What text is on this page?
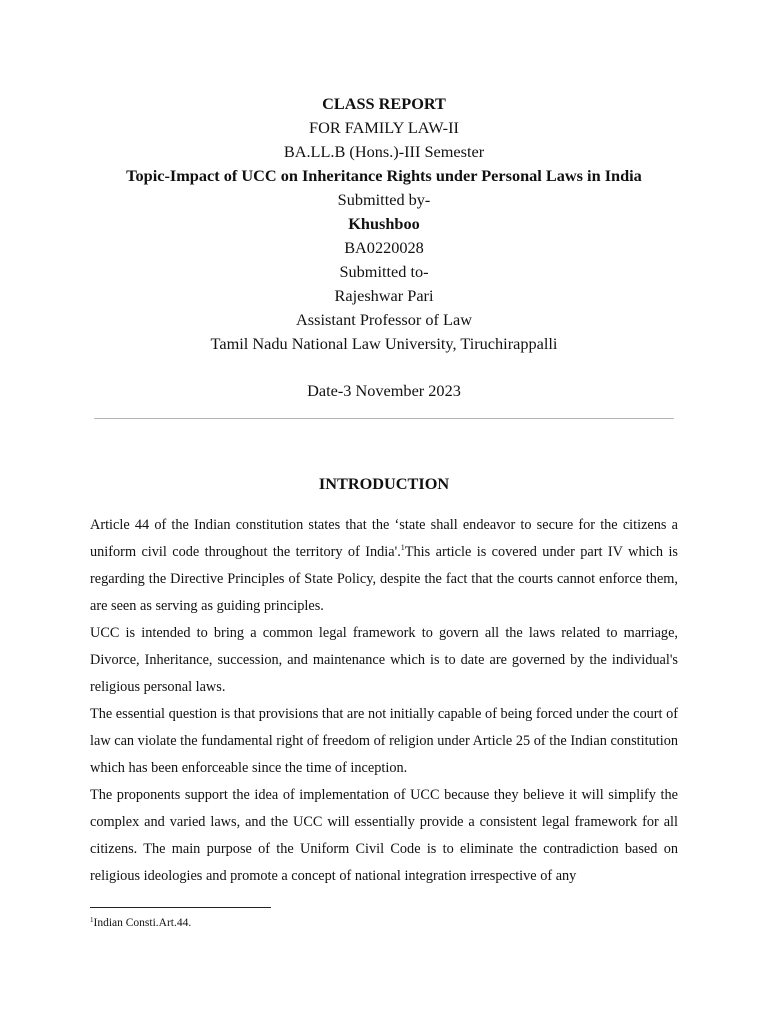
CLASS REPORT
FOR FAMILY LAW-II
BA.LL.B (Hons.)-III Semester
Topic-Impact of UCC on Inheritance Rights under Personal Laws in India
Submitted by-
Khushboo
BA0220028
Submitted to-
Rajeshwar Pari
Assistant Professor of Law
Tamil Nadu National Law University, Tiruchirappalli
Date-3 November 2023
INTRODUCTION

Article 44 of the Indian constitution states that the ‘state shall endeavor to secure for the citizens a uniform civil code throughout the territory of India'.$^1$This article is covered under part IV which is regarding the Directive Principles of State Policy, despite the fact that the courts cannot enforce them, are seen as serving as guiding principles.

UCC is intended to bring a common legal framework to govern all the laws related to marriage, Divorce, Inheritance, succession, and maintenance which is to date are governed by the individual's religious personal laws.

The essential question is that provisions that are not initially capable of being forced under the court of law can violate the fundamental right of freedom of religion under Article 25 of the Indian constitution which has been enforceable since the time of inception.

The proponents support the idea of implementation of UCC because they believe it will simplify the complex and varied laws, and the UCC will essentially provide a consistent legal framework for all citizens. The main purpose of the Uniform Civil Code is to eliminate the contradiction based on religious ideologies and promote a concept of national integration irrespective of any

$^1$Indian Consti.Art.44.
